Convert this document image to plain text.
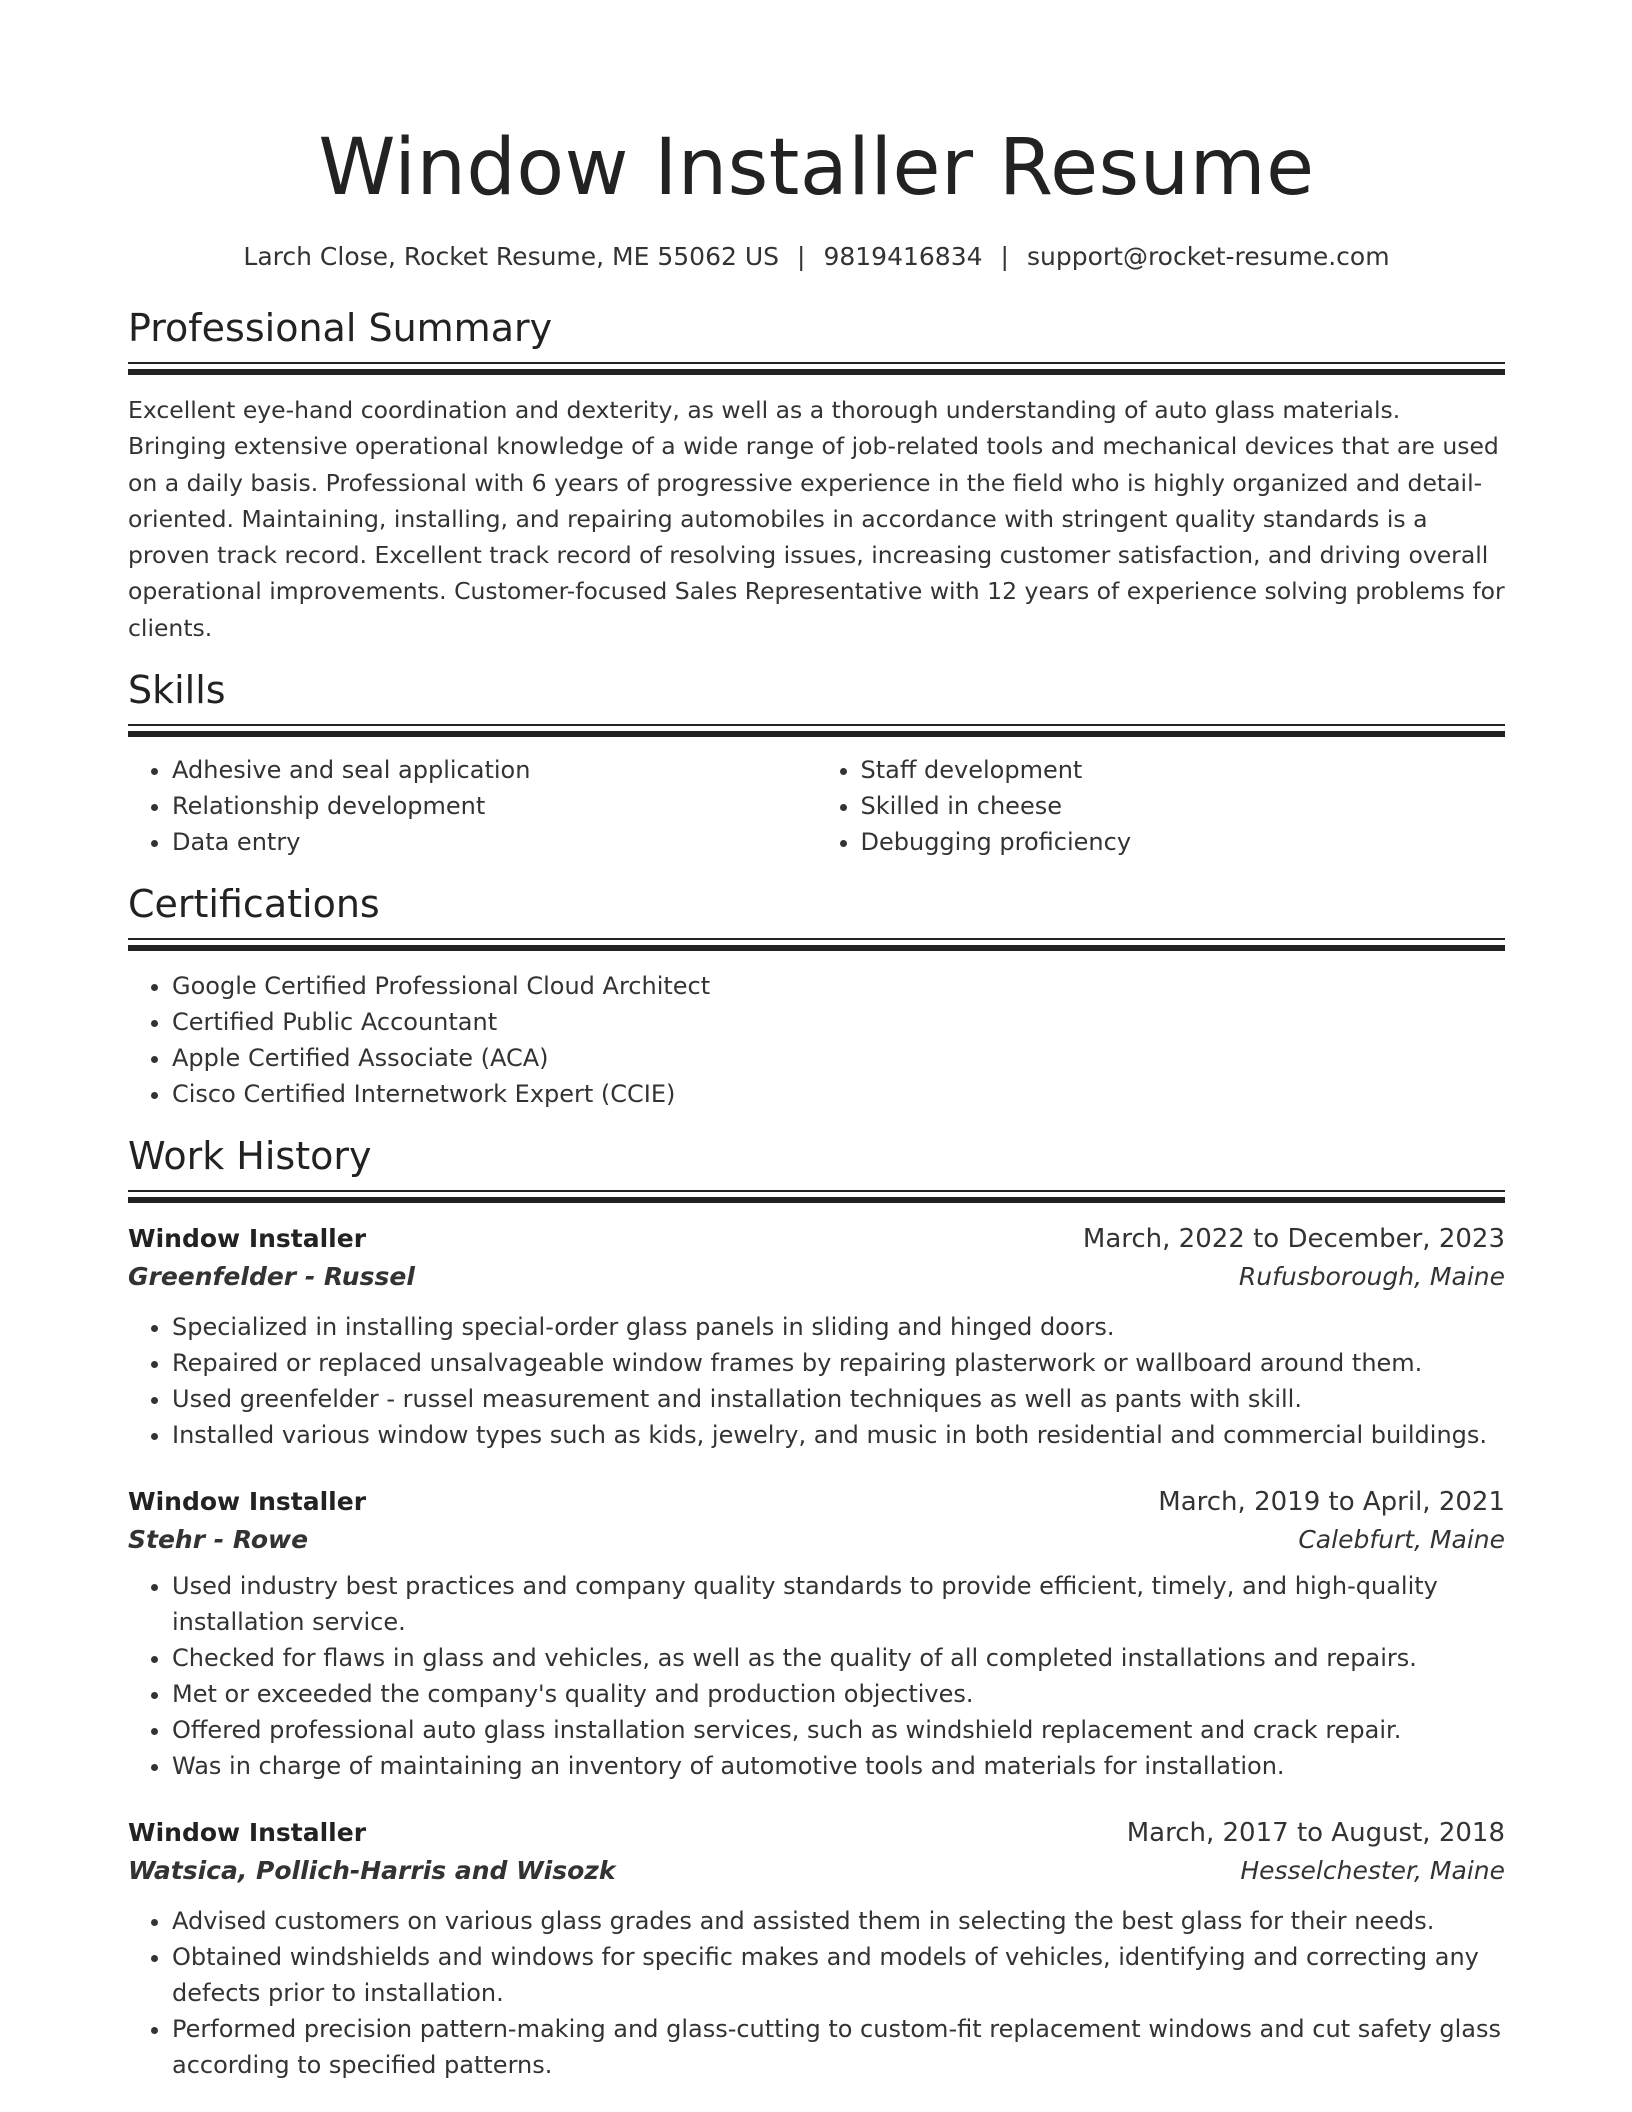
Window Installer Resume
Larch Close, Rocket Resume, ME 55062 US | 9819416834 | support@rocket-resume.com
Professional Summary
Excellent eye-hand coordination and dexterity, as well as a thorough understanding of auto glass materials. Bringing extensive operational knowledge of a wide range of job-related tools and mechanical devices that are used on a daily basis. Professional with 6 years of progressive experience in the field who is highly organized and detail-oriented. Maintaining, installing, and repairing automobiles in accordance with stringent quality standards is a proven track record. Excellent track record of resolving issues, increasing customer satisfaction, and driving overall operational improvements. Customer-focused Sales Representative with 12 years of experience solving problems for clients.
Skills
• Adhesive and seal application
• Relationship development
• Data entry
• Staff development
• Skilled in cheese
• Debugging proficiency
Certifications
• Google Certified Professional Cloud Architect
• Certified Public Accountant
• Apple Certified Associate (ACA)
• Cisco Certified Internetwork Expert (CCIE)
Work History
Window Installer	March, 2022 to December, 2023
Greenfelder - Russel	Rufusborough, Maine
• Specialized in installing special-order glass panels in sliding and hinged doors.
• Repaired or replaced unsalvageable window frames by repairing plasterwork or wallboard around them.
• Used greenfelder - russel measurement and installation techniques as well as pants with skill.
• Installed various window types such as kids, jewelry, and music in both residential and commercial buildings.
Window Installer	March, 2019 to April, 2021
Stehr - Rowe	Calebfurt, Maine
• Used industry best practices and company quality standards to provide efficient, timely, and high-quality installation service.
• Checked for flaws in glass and vehicles, as well as the quality of all completed installations and repairs.
• Met or exceeded the company's quality and production objectives.
• Offered professional auto glass installation services, such as windshield replacement and crack repair.
• Was in charge of maintaining an inventory of automotive tools and materials for installation.
Window Installer	March, 2017 to August, 2018
Watsica, Pollich-Harris and Wisozk	Hesselchester, Maine
• Advised customers on various glass grades and assisted them in selecting the best glass for their needs.
• Obtained windshields and windows for specific makes and models of vehicles, identifying and correcting any defects prior to installation.
• Performed precision pattern-making and glass-cutting to custom-fit replacement windows and cut safety glass according to specified patterns.
